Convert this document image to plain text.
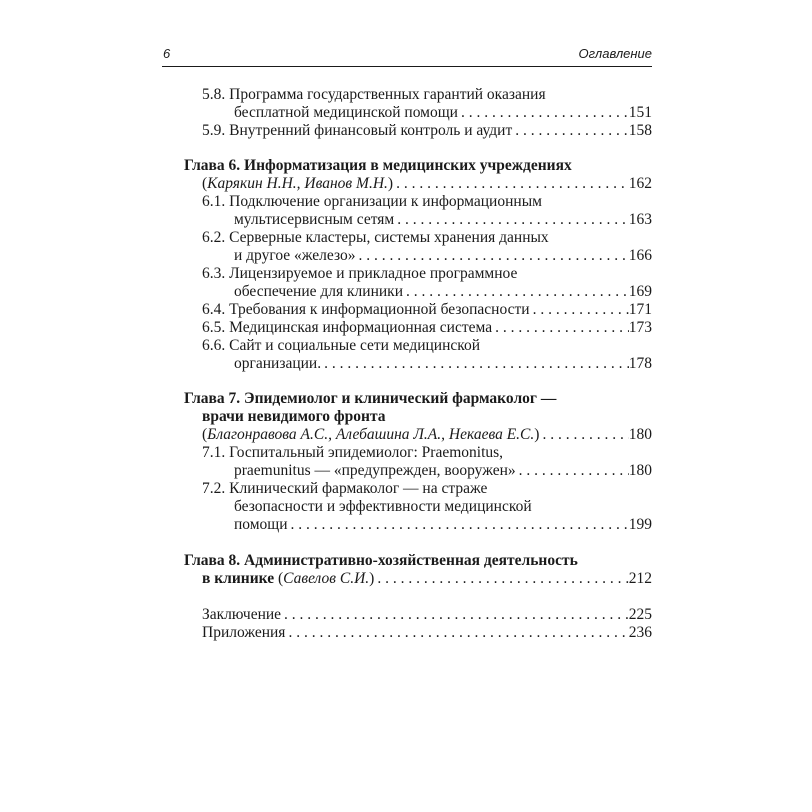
6	Оглавление
5.8. Программа государственных гарантий оказания
бесплатной медицинской помощи . . .	151
5.9. Внутренний финансовый контроль и аудит . . .	158
Глава 6. Информатизация в медицинских учреждениях
(Карякин Н.Н., Иванов М.Н.) . . .	162
6.1. Подключение организации к информационным
мультисервисным сетям . . .	163
6.2. Серверные кластеры, системы хранения данных
и другое «железо» . . .	166
6.3. Лицензируемое и прикладное программное
обеспечение для клиники . . .	169
6.4. Требования к информационной безопасности . . .	171
6.5. Медицинская информационная система . . .	173
6.6. Сайт и социальные сети медицинской
организации. . . .	178
Глава 7. Эпидемиолог и клинический фармаколог —
врачи невидимого фронта
(Благонравова А.С., Алебашина Л.А., Некаева Е.С.) . . .	180
7.1. Госпитальный эпидемиолог: Praemonitus,
praemunitus — «предупрежден, вооружен» . . .	180
7.2. Клинический фармаколог — на страже
безопасности и эффективности медицинской
помощи . . .	199
Глава 8. Административно-хозяйственная деятельность
в клинике (Савелов С.И.) . . .	212
Заключение . . .	225
Приложения . . .	236
